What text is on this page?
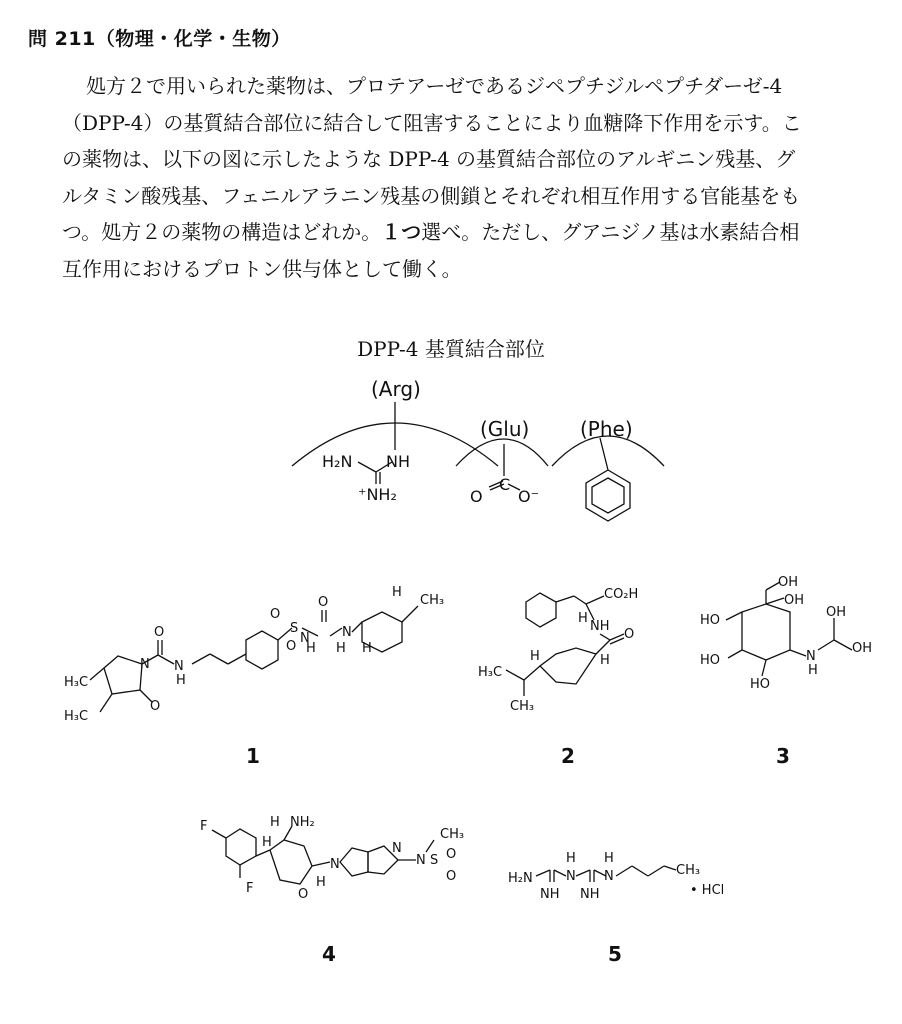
問 211（物理・化学・生物）
処方２で用いられた薬物は、プロテアーゼであるジペプチジルペプチダーゼ-4
（DPP-4）の基質結合部位に結合して阻害することにより血糖降下作用を示す。こ
の薬物は、以下の図に示したような DPP-4 の基質結合部位のアルギニン残基、グ
ルタミン酸残基、フェニルアラニン残基の側鎖とそれぞれ相互作用する官能基をも
つ。処方２の薬物の構造はどれか。１つ選べ。ただし、グアニジノ基は水素結合相
互作用におけるプロトン供与体として働く。
DPP-4 基質結合部位
(Arg)
(Glu)	(Phe)
H₂N NH
⁺NH₂	O
C
O⁻
O
O
S
H
O
N N
H
H
CH₃
H
O
N N
H
H₃C
H₃C
O
CO₂H
H
NH
O
H
H
H₃C
CH₃
OH
HO
OH
OH
HO
OH
N
H
HO
F
H
NH₂
H
N
N
N S O
O
CH₃
O
H
F
H₂N
H
N
H
N	CH₃
NH NH	• HCl
1	2	3
4	5
